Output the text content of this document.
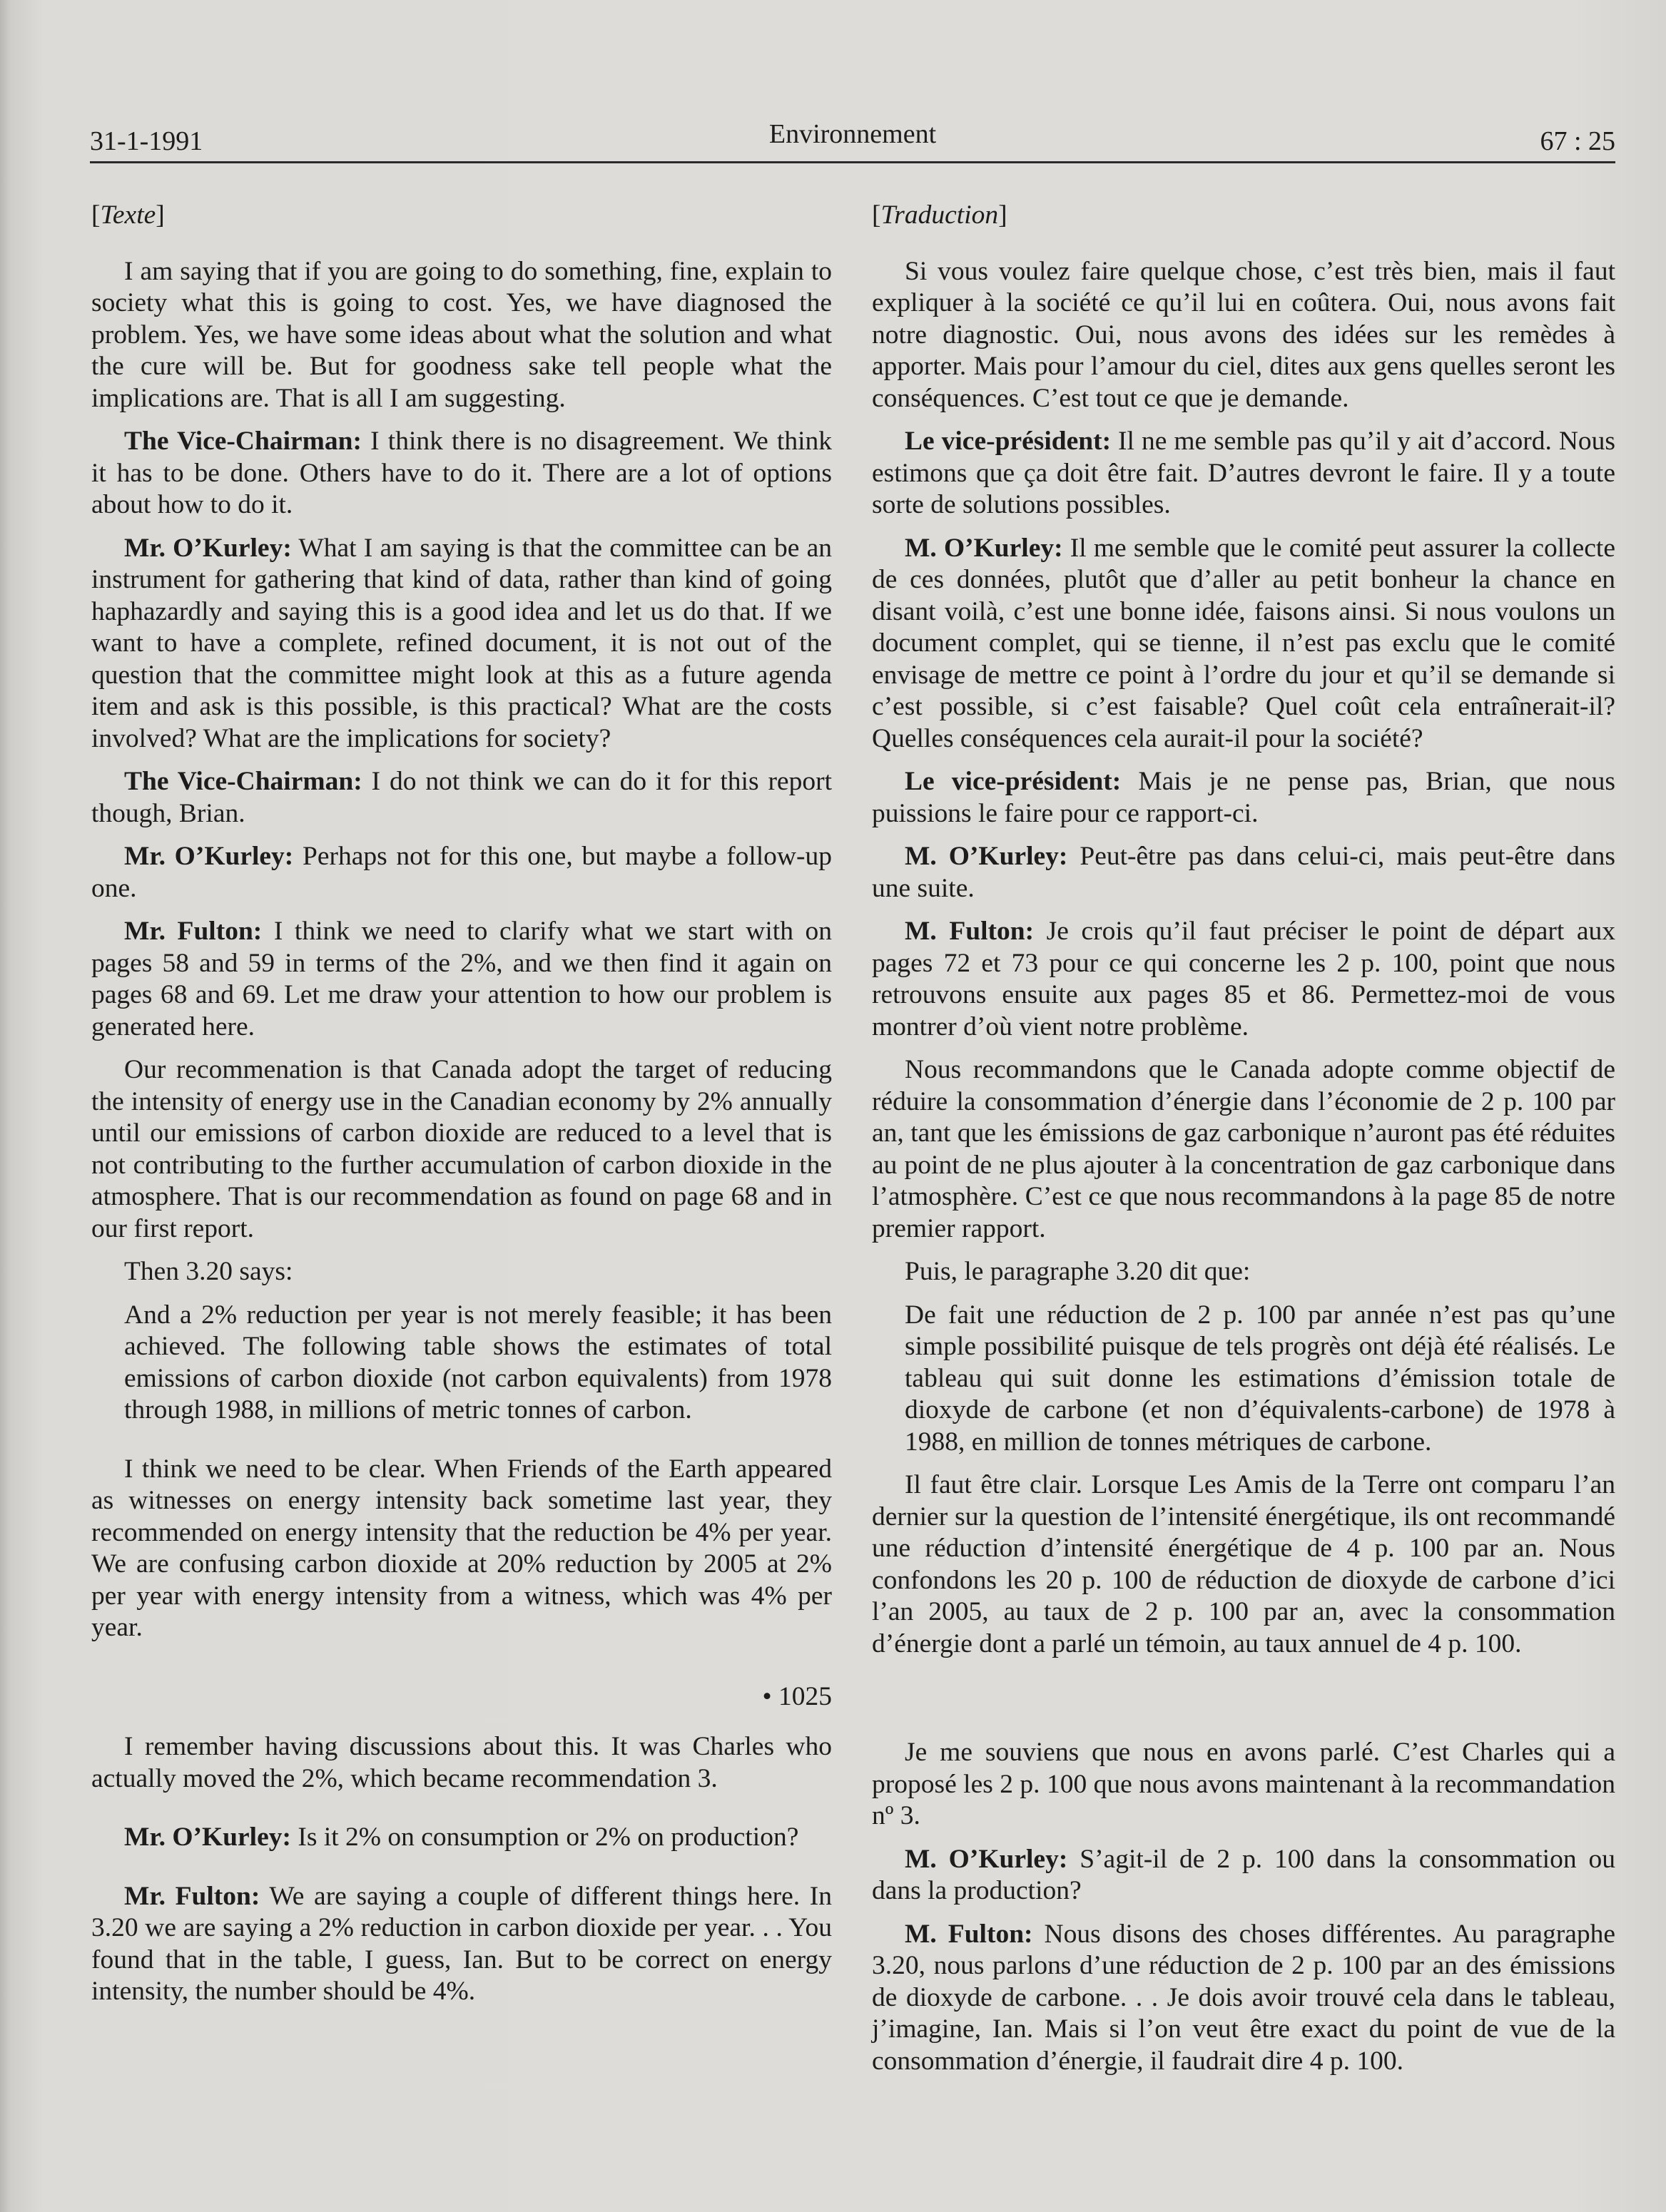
31-1-1991	Environnement	67 : 25

[Texte]

I am saying that if you are going to do something, fine, explain to society what this is going to cost. Yes, we have diagnosed the problem. Yes, we have some ideas about what the solution and what the cure will be. But for goodness sake tell people what the implications are. That is all I am suggesting.

The Vice-Chairman: I think there is no disagreement. We think it has to be done. Others have to do it. There are a lot of options about how to do it.

Mr. O’Kurley: What I am saying is that the committee can be an instrument for gathering that kind of data, rather than kind of going haphazardly and saying this is a good idea and let us do that. If we want to have a complete, refined document, it is not out of the question that the committee might look at this as a future agenda item and ask is this possible, is this practical? What are the costs involved? What are the implications for society?

The Vice-Chairman: I do not think we can do it for this report though, Brian.

Mr. O’Kurley: Perhaps not for this one, but maybe a follow-up one.

Mr. Fulton: I think we need to clarify what we start with on pages 58 and 59 in terms of the 2%, and we then find it again on pages 68 and 69. Let me draw your attention to how our problem is generated here.

Our recommenation is that Canada adopt the target of reducing the intensity of energy use in the Canadian economy by 2% annually until our emissions of carbon dioxide are reduced to a level that is not contributing to the further accumulation of carbon dioxide in the atmosphere. That is our recommendation as found on page 68 and in our first report.

Then 3.20 says:

And a 2% reduction per year is not merely feasible; it has been achieved. The following table shows the estimates of total emissions of carbon dioxide (not carbon equivalents) from 1978 through 1988, in millions of metric tonnes of carbon.

I think we need to be clear. When Friends of the Earth appeared as witnesses on energy intensity back sometime last year, they recommended on energy intensity that the reduction be 4% per year. We are confusing carbon dioxide at 20% reduction by 2005 at 2% per year with energy intensity from a witness, which was 4% per year.

• 1025

I remember having discussions about this. It was Charles who actually moved the 2%, which became recommendation 3.

Mr. O’Kurley: Is it 2% on consumption or 2% on production?

Mr. Fulton: We are saying a couple of different things here. In 3.20 we are saying a 2% reduction in carbon dioxide per year. . . You found that in the table, I guess, Ian. But to be correct on energy intensity, the number should be 4%.

[Traduction]

Si vous voulez faire quelque chose, c’est très bien, mais il faut expliquer à la société ce qu’il lui en coûtera. Oui, nous avons fait notre diagnostic. Oui, nous avons des idées sur les remèdes à apporter. Mais pour l’amour du ciel, dites aux gens quelles seront les conséquences. C’est tout ce que je demande.

Le vice-président: Il ne me semble pas qu’il y ait d’accord. Nous estimons que ça doit être fait. D’autres devront le faire. Il y a toute sorte de solutions possibles.

M. O’Kurley: Il me semble que le comité peut assurer la collecte de ces données, plutôt que d’aller au petit bonheur la chance en disant voilà, c’est une bonne idée, faisons ainsi. Si nous voulons un document complet, qui se tienne, il n’est pas exclu que le comité envisage de mettre ce point à l’ordre du jour et qu’il se demande si c’est possible, si c’est faisable? Quel coût cela entraînerait-il? Quelles conséquences cela aurait-il pour la société?

Le vice-président: Mais je ne pense pas, Brian, que nous puissions le faire pour ce rapport-ci.

M. O’Kurley: Peut-être pas dans celui-ci, mais peut-être dans une suite.

M. Fulton: Je crois qu’il faut préciser le point de départ aux pages 72 et 73 pour ce qui concerne les 2 p. 100, point que nous retrouvons ensuite aux pages 85 et 86. Permettez-moi de vous montrer d’où vient notre problème.

Nous recommandons que le Canada adopte comme objectif de réduire la consommation d’énergie dans l’économie de 2 p. 100 par an, tant que les émissions de gaz carbonique n’auront pas été réduites au point de ne plus ajouter à la concentration de gaz carbonique dans l’atmosphère. C’est ce que nous recommandons à la page 85 de notre premier rapport.

Puis, le paragraphe 3.20 dit que:

De fait une réduction de 2 p. 100 par année n’est pas qu’une simple possibilité puisque de tels progrès ont déjà été réalisés. Le tableau qui suit donne les estimations d’émission totale de dioxyde de carbone (et non d’équivalents-carbone) de 1978 à 1988, en million de tonnes métriques de carbone.

Il faut être clair. Lorsque Les Amis de la Terre ont comparu l’an dernier sur la question de l’intensité énergétique, ils ont recommandé une réduction d’intensité énergétique de 4 p. 100 par an. Nous confondons les 20 p. 100 de réduction de dioxyde de carbone d’ici l’an 2005, au taux de 2 p. 100 par an, avec la consommation d’énergie dont a parlé un témoin, au taux annuel de 4 p. 100.

Je me souviens que nous en avons parlé. C’est Charles qui a proposé les 2 p. 100 que nous avons maintenant à la recommandation nº 3.

M. O’Kurley: S’agit-il de 2 p. 100 dans la consommation ou dans la production?

M. Fulton: Nous disons des choses différentes. Au paragraphe 3.20, nous parlons d’une réduction de 2 p. 100 par an des émissions de dioxyde de carbone. . . Je dois avoir trouvé cela dans le tableau, j’imagine, Ian. Mais si l’on veut être exact du point de vue de la consommation d’énergie, il faudrait dire 4 p. 100.
